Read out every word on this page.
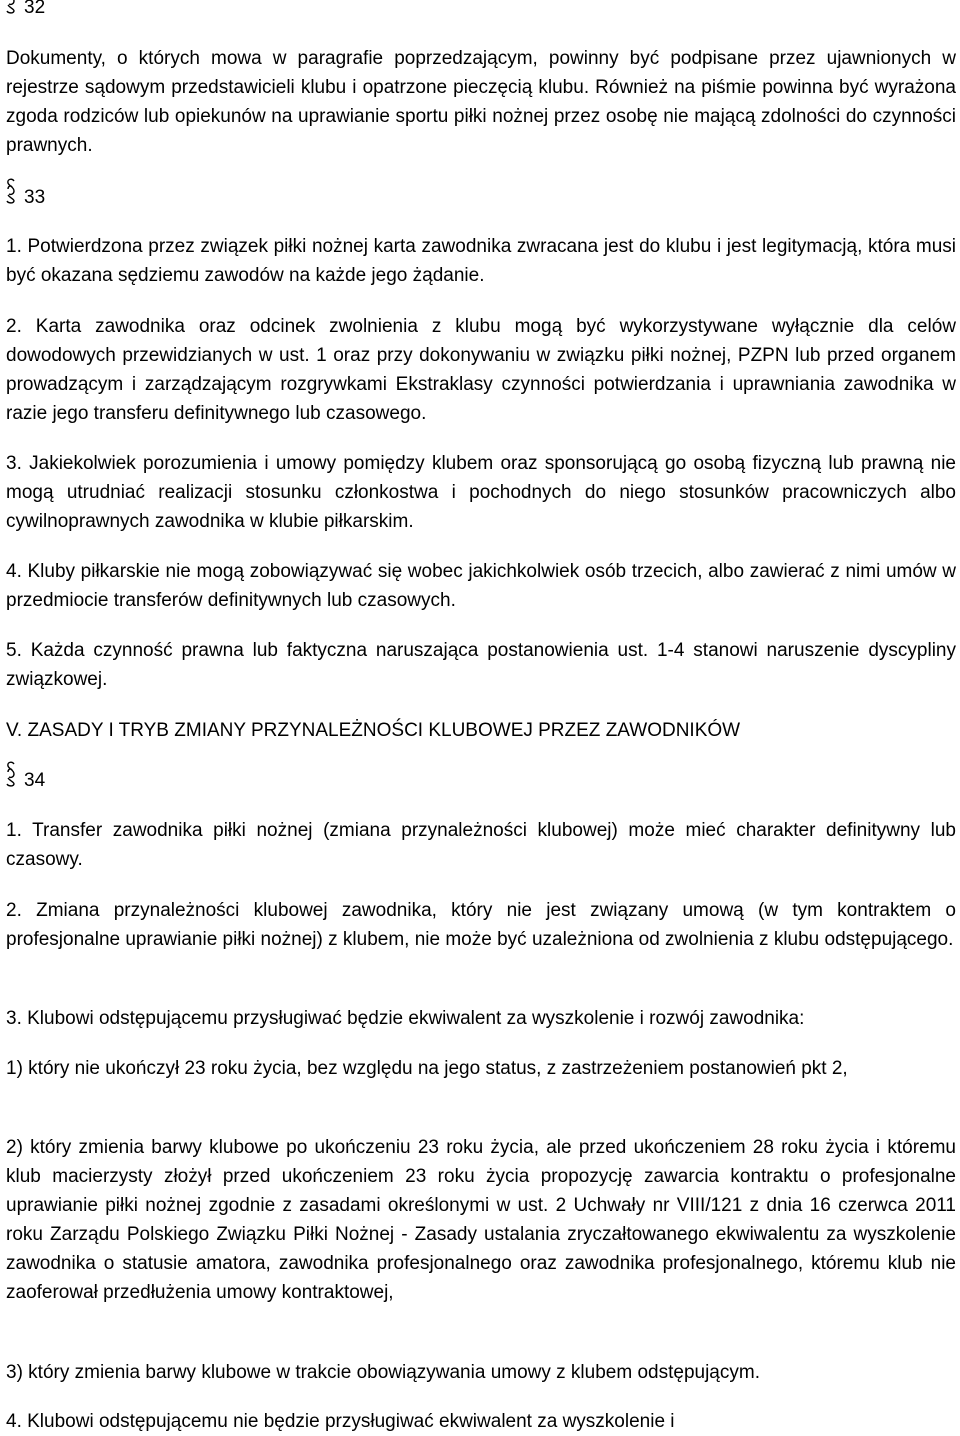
32

Dokumenty, o których mowa w paragrafie poprzedzającym, powinny być podpisane przez ujawnionych w rejestrze sądowym przedstawicieli klubu i opatrzone pieczęcią klubu. Również na piśmie powinna być wyrażona zgoda rodziców lub opiekunów na uprawianie sportu piłki nożnej przez osobę nie mającą zdolności do czynności prawnych.

33

1. Potwierdzona przez związek piłki nożnej karta zawodnika zwracana jest do klubu i jest legitymacją, która musi być okazana sędziemu zawodów na każde jego żądanie.

2. Karta zawodnika oraz odcinek zwolnienia z klubu mogą być wykorzystywane wyłącznie dla celów dowodowych przewidzianych w ust. 1 oraz przy dokonywaniu w związku piłki nożnej, PZPN lub przed organem prowadzącym i zarządzającym rozgrywkami Ekstraklasy czynności potwierdzania i uprawniania zawodnika w razie jego transferu definitywnego lub czasowego.

3. Jakiekolwiek porozumienia i umowy pomiędzy klubem oraz sponsorującą go osobą fizyczną lub prawną nie mogą utrudniać realizacji stosunku członkostwa i pochodnych do niego stosunków pracowniczych albo cywilnoprawnych zawodnika w klubie piłkarskim.

4. Kluby piłkarskie nie mogą zobowiązywać się wobec jakichkolwiek osób trzecich, albo zawierać z nimi umów w przedmiocie transferów definitywnych lub czasowych.

5. Każda czynność prawna lub faktyczna naruszająca postanowienia ust. 1-4 stanowi naruszenie dyscypliny związkowej.

V. ZASADY I TRYB ZMIANY PRZYNALEŻNOŚCI KLUBOWEJ PRZEZ ZAWODNIKÓW

34

1. Transfer zawodnika piłki nożnej (zmiana przynależności klubowej) może mieć charakter definitywny lub czasowy.

2. Zmiana przynależności klubowej zawodnika, który nie jest związany umową (w tym kontraktem o profesjonalne uprawianie piłki nożnej) z klubem, nie może być uzależniona od zwolnienia z klubu odstępującego.

3. Klubowi odstępującemu przysługiwać będzie ekwiwalent za wyszkolenie i rozwój zawodnika:

1) który nie ukończył 23 roku życia, bez względu na jego status, z zastrzeżeniem postanowień pkt 2,

2) który zmienia barwy klubowe po ukończeniu 23 roku życia, ale przed ukończeniem 28 roku życia i któremu klub macierzysty złożył przed ukończeniem 23 roku życia propozycję zawarcia kontraktu o profesjonalne uprawianie piłki nożnej zgodnie z zasadami określonymi w ust. 2 Uchwały nr VIII/121 z dnia 16 czerwca 2011 roku Zarządu Polskiego Związku Piłki Nożnej - Zasady ustalania zryczałtowanego ekwiwalentu za wyszkolenie zawodnika o statusie amatora, zawodnika profesjonalnego oraz zawodnika profesjonalnego, któremu klub nie zaoferował przedłużenia umowy kontraktowej,

3) który zmienia barwy klubowe w trakcie obowiązywania umowy z klubem odstępującym.

4. Klubowi odstępującemu nie będzie przysługiwać ekwiwalent za wyszkolenie i
